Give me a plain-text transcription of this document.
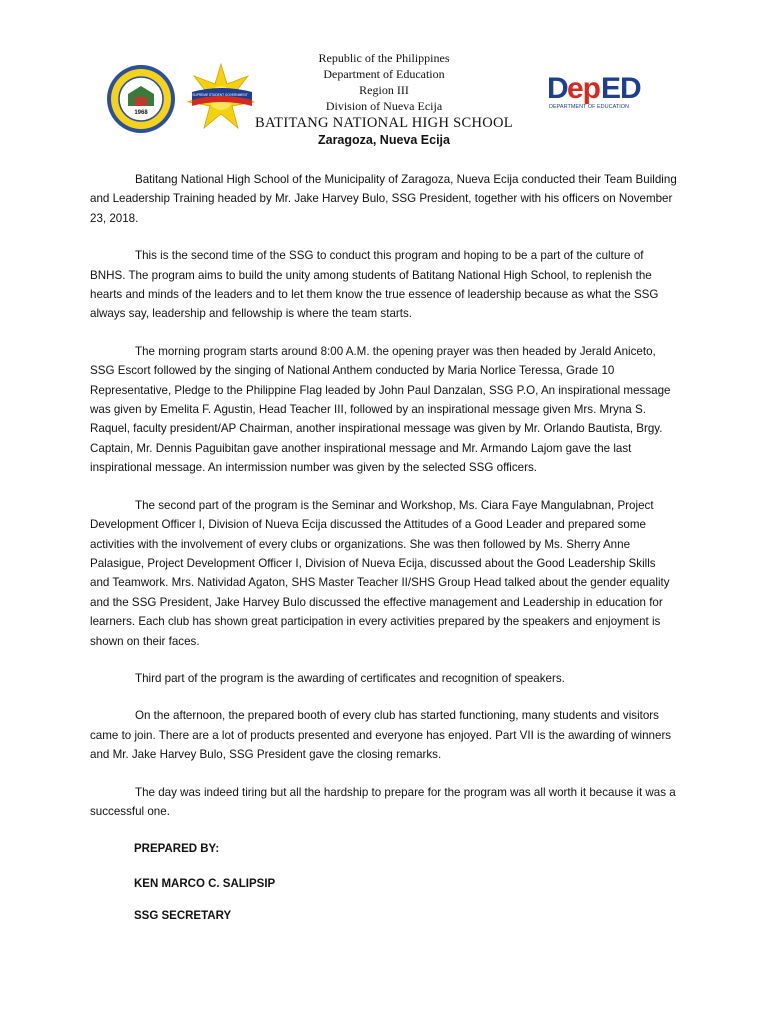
1968
SUPREME STUDENT GOVERNMENT
Republic of the Philippines
Department of Education
Region III
Division of Nueva Ecija
BATITANG NATIONAL HIGH SCHOOL
Zaragoza, Nueva Ecija
D ep ED
DEPARTMENT OF EDUCATION

Batitang National High School of the Municipality of Zaragoza, Nueva Ecija conducted their Team Building and Leadership Training headed by Mr. Jake Harvey Bulo, SSG President, together with his officers on November 23, 2018.

This is the second time of the SSG to conduct this program and hoping to be a part of the culture of BNHS. The program aims to build the unity among students of Batitang National High School, to replenish the hearts and minds of the leaders and to let them know the true essence of leadership because as what the SSG always say, leadership and fellowship is where the team starts.

The morning program starts around 8:00 A.M. the opening prayer was then headed by Jerald Aniceto, SSG Escort followed by the singing of National Anthem conducted by Maria Norlice Teressa, Grade 10 Representative, Pledge to the Philippine Flag leaded by John Paul Danzalan, SSG P.O, An inspirational message was given by Emelita F. Agustin, Head Teacher III, followed by an inspirational message given Mrs. Mryna S. Raquel, faculty president/AP Chairman, another inspirational message was given by Mr. Orlando Bautista, Brgy. Captain, Mr. Dennis Paguibitan gave another inspirational message and Mr. Armando Lajom gave the last inspirational message. An intermission number was given by the selected SSG officers.

The second part of the program is the Seminar and Workshop, Ms. Ciara Faye Mangulabnan, Project Development Officer I, Division of Nueva Ecija discussed the Attitudes of a Good Leader and prepared some activities with the involvement of every clubs or organizations. She was then followed by Ms. Sherry Anne Palasigue, Project Development Officer I, Division of Nueva Ecija, discussed about the Good Leadership Skills and Teamwork. Mrs. Natividad Agaton, SHS Master Teacher II/SHS Group Head talked about the gender equality and the SSG President, Jake Harvey Bulo discussed the effective management and Leadership in education for learners. Each club has shown great participation in every activities prepared by the speakers and enjoyment is shown on their faces.

Third part of the program is the awarding of certificates and recognition of speakers.

On the afternoon, the prepared booth of every club has started functioning, many students and visitors came to join. There are a lot of products presented and everyone has enjoyed. Part VII is the awarding of winners and Mr. Jake Harvey Bulo, SSG President gave the closing remarks.

The day was indeed tiring but all the hardship to prepare for the program was all worth it because it was a successful one.

PREPARED BY:
KEN MARCO C. SALIPSIP
SSG SECRETARY
